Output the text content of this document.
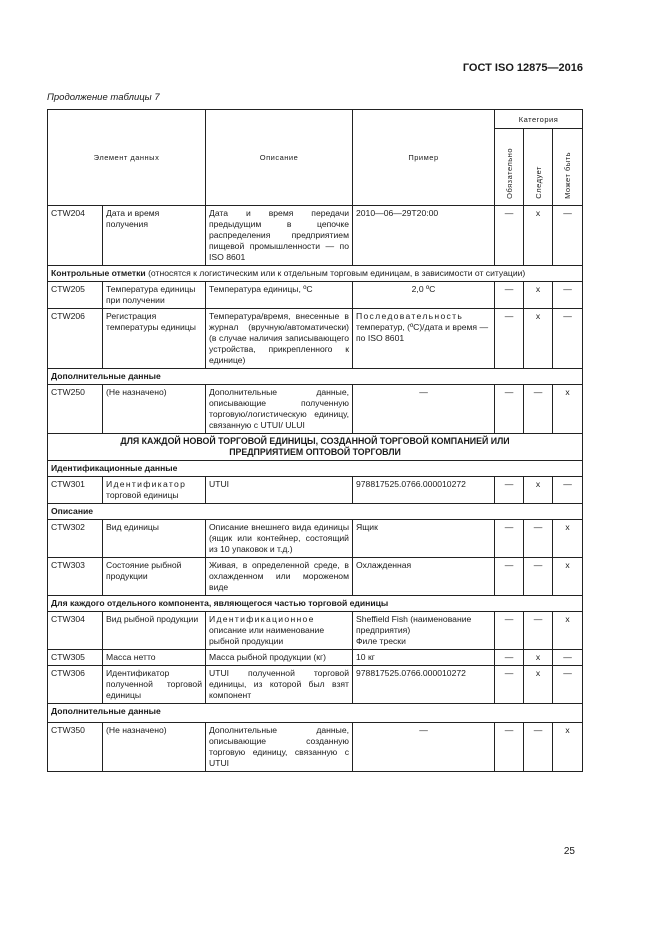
ГОСТ ISO 12875—2016
Продолжение таблицы 7
Элемент данных		Описание	Пример	Категория		
				Обязательно	Следует	Может быть
CTW204	Дата и время получения	Дата и время передачи предыдущим в цепочке распределения предприятием пищевой промышленности — по ISO 8601	2010—06—29T20:00	—	х	—
Контрольные отметки (относятся к логистическим или к отдельным торговым единицам, в зависимости от ситуации)						
CTW205	Температура единицы при получении	Температура единицы, ºС	2,0 ºС	—	х	—
CTW206	Регистрация температуры единицы	Температура/время, внесенные в журнал (вручную/автоматически) (в случае наличия записывающего устройства, прикрепленного к единице)	Последовательность температур, (ºС)/дата и время — по ISO 8601	—	х	—
Дополнительные данные						
CTW250	(Не назначено)	Дополнительные данные, описывающие полученную торговую/логистическую единицу, связанную с UTUI/ ULUI	—	—	—	х
ДЛЯ КАЖДОЙ НОВОЙ ТОРГОВОЙ ЕДИНИЦЫ, СОЗДАННОЙ ТОРГОВОЙ КОМПАНИЕЙ ИЛИ ПРЕДПРИЯТИЕМ ОПТОВОЙ ТОРГОВЛИ						
Идентификационные данные						
CTW301	Идентификатор торговой единицы	UTUI	978817525.0766.000010272	—	х	—
Описание						
CTW302	Вид единицы	Описание внешнего вида единицы (ящик или контейнер, состоящий из 10 упаковок и т.д.)	Ящик	—	—	х
CTW303	Состояние рыбной продукции	Живая, в определенной среде, в охлажденном или мороженом виде	Охлажденная	—	—	х
Для каждого отдельного компонента, являющегося частью торговой единицы						
CTW304	Вид рыбной продукции	Идентификационное описание или наименование рыбной продукции	Sheffield Fish (наименование предприятия)
Филе трески	—	—	х
CTW305	Масса нетто	Масса рыбной продукции (кг)	10 кг	—	х	—
CTW306	Идентификатор полученной торговой единицы	UTUI полученной торговой единицы, из которой был взят компонент	978817525.0766.000010272	—	х	—
Дополнительные данные						
CTW350	(Не назначено)	Дополнительные данные, описывающие созданную торговую единицу, связанную с UTUI	—	—	—	х
25
